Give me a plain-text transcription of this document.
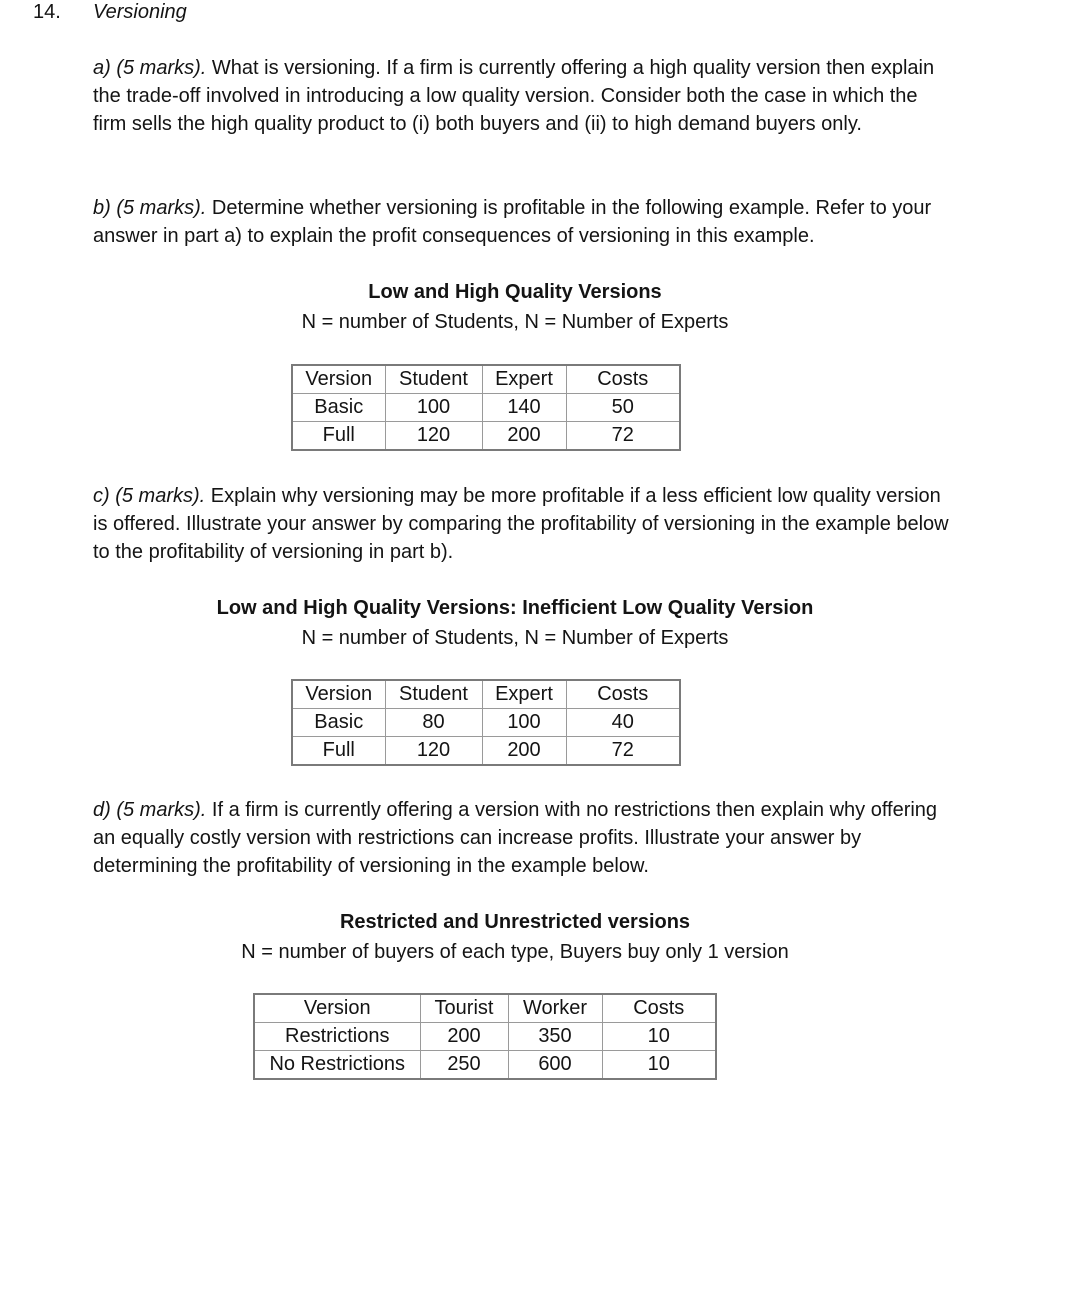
14. Versioning
a) (5 marks). What is versioning. If a firm is currently offering a high quality version then explain the trade-off involved in introducing a low quality version. Consider both the case in which the firm sells the high quality product to (i) both buyers and (ii) to high demand buyers only.
b) (5 marks). Determine whether versioning is profitable in the following example. Refer to your answer in part a) to explain the profit consequences of versioning in this example.
Low and High Quality Versions
N = number of Students, N = Number of Experts
Version	Student	Expert	Costs
Basic	100	140	50
Full	120	200	72
c) (5 marks). Explain why versioning may be more profitable if a less efficient low quality version is offered. Illustrate your answer by comparing the profitability of versioning in the example below to the profitability of versioning in part b).
Low and High Quality Versions: Inefficient Low Quality Version
N = number of Students, N = Number of Experts
Version	Student	Expert	Costs
Basic	80	100	40
Full	120	200	72
d) (5 marks). If a firm is currently offering a version with no restrictions then explain why offering an equally costly version with restrictions can increase profits. Illustrate your answer by determining the profitability of versioning in the example below.
Restricted and Unrestricted versions
N = number of buyers of each type, Buyers buy only 1 version
Version	Tourist	Worker	Costs
Restrictions	200	350	10
No Restrictions	250	600	10
